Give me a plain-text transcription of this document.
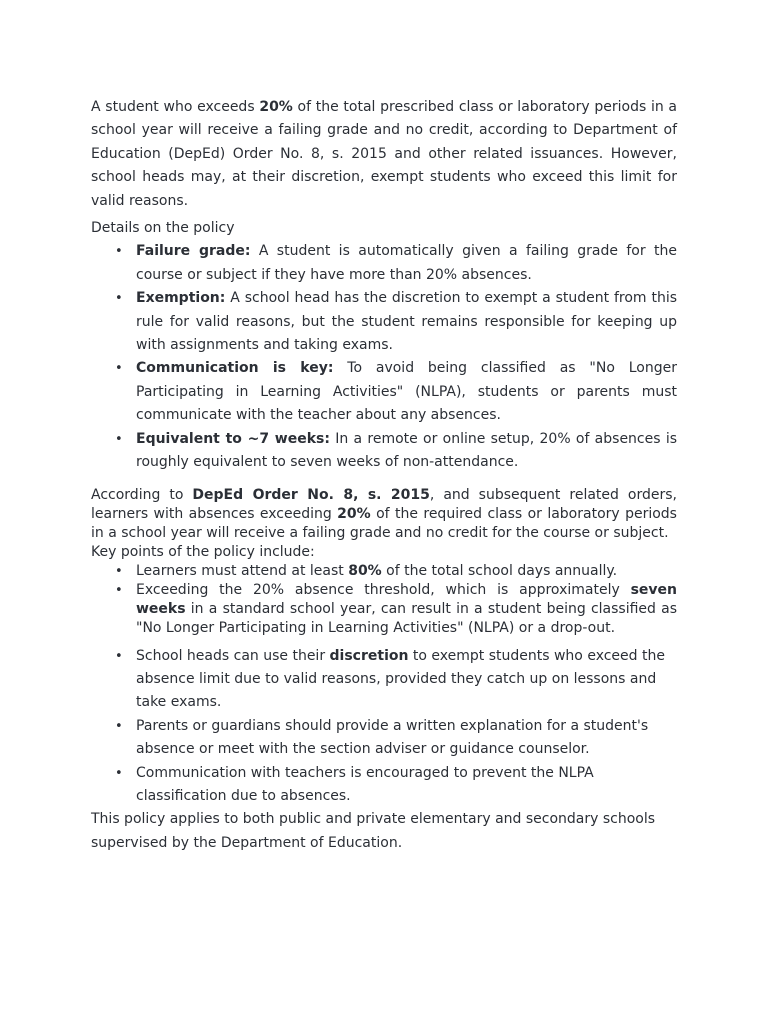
A student who exceeds 20% of the total prescribed class or laboratory periods in a school year will receive a failing grade and no credit, according to Department of Education (DepEd) Order No. 8, s. 2015 and other related issuances. However, school heads may, at their discretion, exempt students who exceed this limit for valid reasons.

Details on the policy

• Failure grade: A student is automatically given a failing grade for the course or subject if they have more than 20% absences.
• Exemption: A school head has the discretion to exempt a student from this rule for valid reasons, but the student remains responsible for keeping up with assignments and taking exams.
• Communication is key: To avoid being classified as "No Longer Participating in Learning Activities" (NLPA), students or parents must communicate with the teacher about any absences.
• Equivalent to ~7 weeks: In a remote or online setup, 20% of absences is roughly equivalent to seven weeks of non-attendance.

According to DepEd Order No. 8, s. 2015, and subsequent related orders, learners with absences exceeding 20% of the required class or laboratory periods in a school year will receive a failing grade and no credit for the course or subject.

Key points of the policy include:

• Learners must attend at least 80% of the total school days annually.
• Exceeding the 20% absence threshold, which is approximately seven weeks in a standard school year, can result in a student being classified as "No Longer Participating in Learning Activities" (NLPA) or a drop-out.
• School heads can use their discretion to exempt students who exceed the absence limit due to valid reasons, provided they catch up on lessons and take exams.
• Parents or guardians should provide a written explanation for a student's absence or meet with the section adviser or guidance counselor.
• Communication with teachers is encouraged to prevent the NLPA classification due to absences.

This policy applies to both public and private elementary and secondary schools supervised by the Department of Education.
